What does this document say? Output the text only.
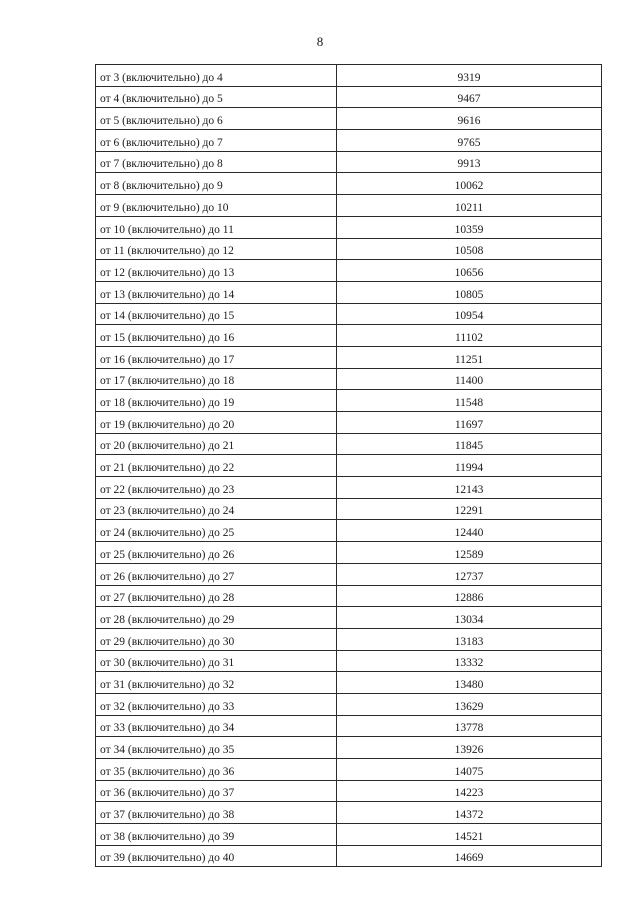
8
от 3 (включительно) до 4	9319
от 4 (включительно) до 5	9467
от 5 (включительно) до 6	9616
от 6 (включительно) до 7	9765
от 7 (включительно) до 8	9913
от 8 (включительно) до 9	10062
от 9 (включительно) до 10	10211
от 10 (включительно) до 11	10359
от 11 (включительно) до 12	10508
от 12 (включительно) до 13	10656
от 13 (включительно) до 14	10805
от 14 (включительно) до 15	10954
от 15 (включительно) до 16	11102
от 16 (включительно) до 17	11251
от 17 (включительно) до 18	11400
от 18 (включительно) до 19	11548
от 19 (включительно) до 20	11697
от 20 (включительно) до 21	11845
от 21 (включительно) до 22	11994
от 22 (включительно) до 23	12143
от 23 (включительно) до 24	12291
от 24 (включительно) до 25	12440
от 25 (включительно) до 26	12589
от 26 (включительно) до 27	12737
от 27 (включительно) до 28	12886
от 28 (включительно) до 29	13034
от 29 (включительно) до 30	13183
от 30 (включительно) до 31	13332
от 31 (включительно) до 32	13480
от 32 (включительно) до 33	13629
от 33 (включительно) до 34	13778
от 34 (включительно) до 35	13926
от 35 (включительно) до 36	14075
от 36 (включительно) до 37	14223
от 37 (включительно) до 38	14372
от 38 (включительно) до 39	14521
от 39 (включительно) до 40	14669
